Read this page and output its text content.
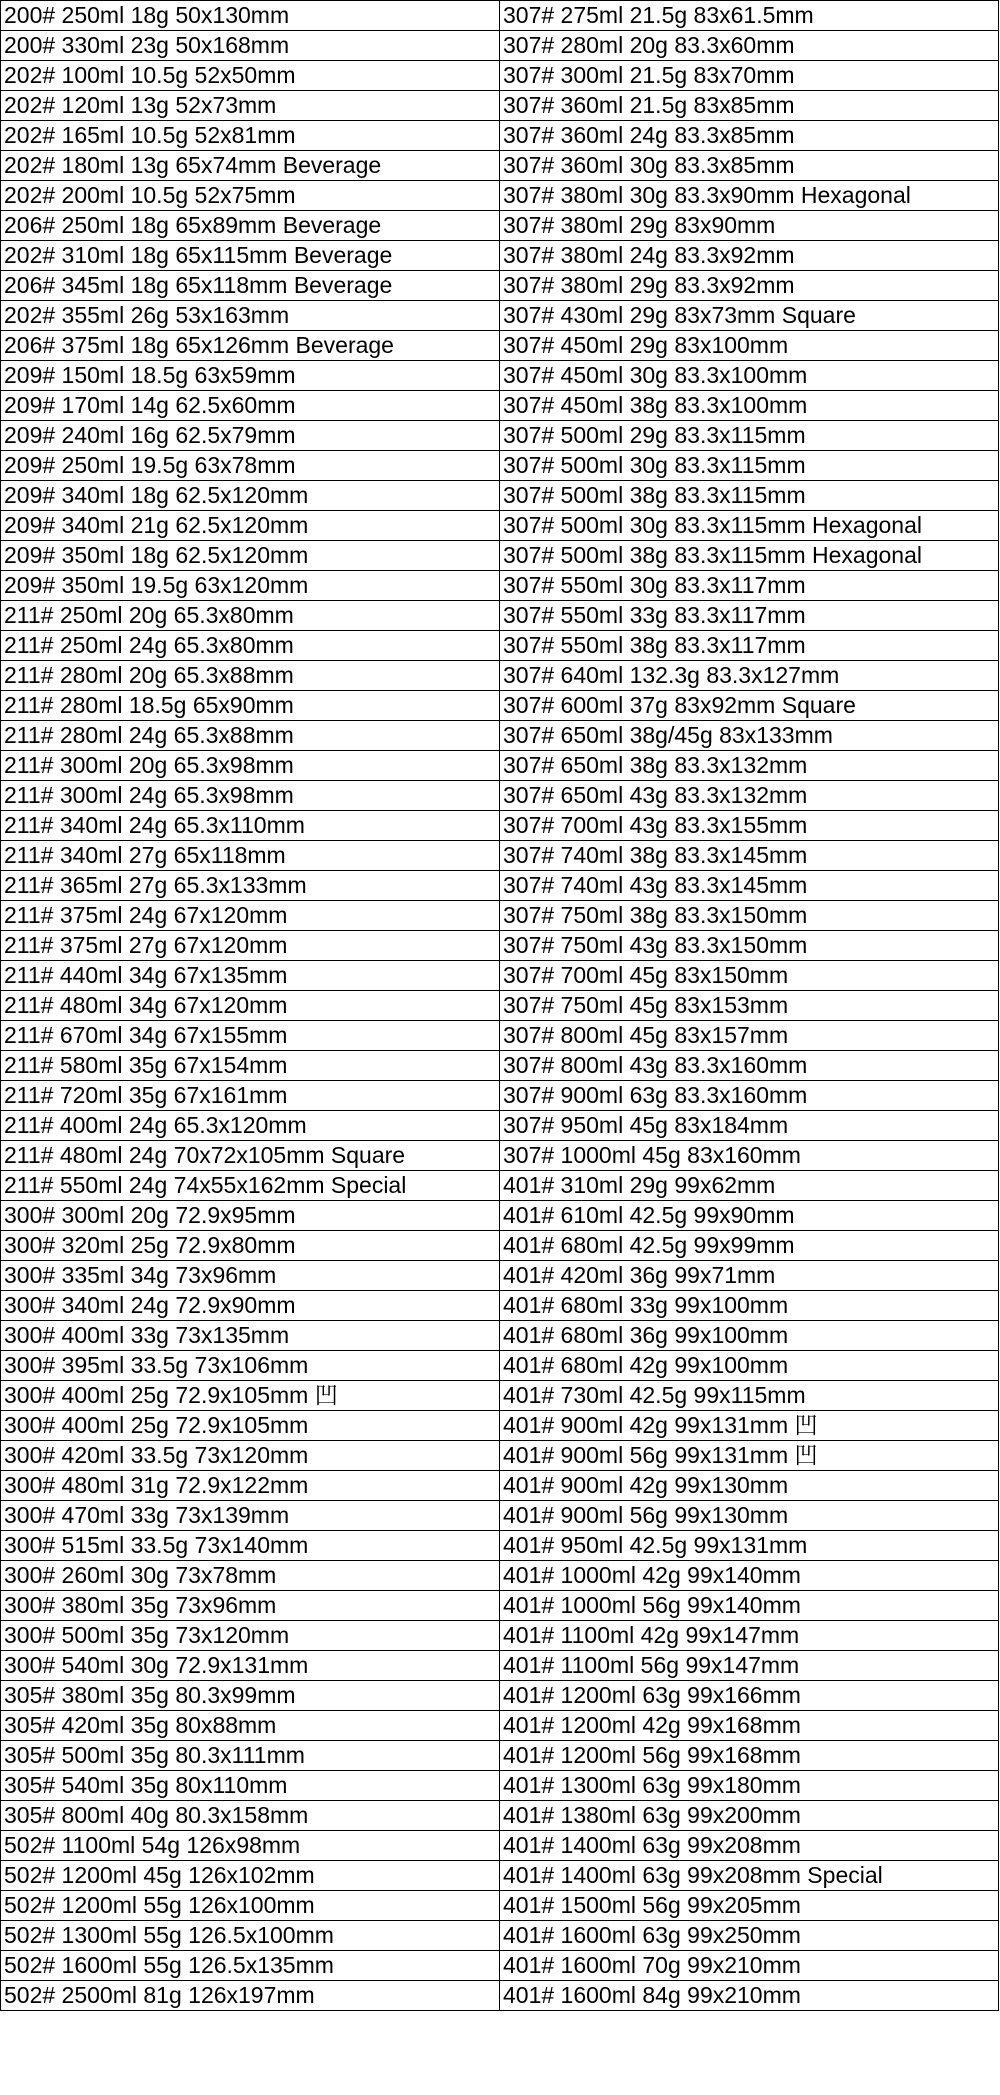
200# 250ml 18g 50x130mm	307# 275ml 21.5g 83x61.5mm
200# 330ml 23g 50x168mm	307# 280ml 20g 83.3x60mm
202# 100ml 10.5g 52x50mm	307# 300ml 21.5g 83x70mm
202# 120ml 13g 52x73mm	307# 360ml 21.5g 83x85mm
202# 165ml 10.5g 52x81mm	307# 360ml 24g 83.3x85mm
202# 180ml 13g 65x74mm Beverage	307# 360ml 30g 83.3x85mm
202# 200ml 10.5g 52x75mm	307# 380ml 30g 83.3x90mm Hexagonal
206# 250ml 18g 65x89mm Beverage	307# 380ml 29g 83x90mm
202# 310ml 18g 65x115mm Beverage	307# 380ml 24g 83.3x92mm
206# 345ml 18g 65x118mm Beverage	307# 380ml 29g 83.3x92mm
202# 355ml 26g 53x163mm	307# 430ml 29g 83x73mm Square
206# 375ml 18g 65x126mm Beverage	307# 450ml 29g 83x100mm
209# 150ml 18.5g 63x59mm	307# 450ml 30g 83.3x100mm
209# 170ml 14g 62.5x60mm	307# 450ml 38g 83.3x100mm
209# 240ml 16g 62.5x79mm	307# 500ml 29g 83.3x115mm
209# 250ml 19.5g 63x78mm	307# 500ml 30g 83.3x115mm
209# 340ml 18g 62.5x120mm	307# 500ml 38g 83.3x115mm
209# 340ml 21g 62.5x120mm	307# 500ml 30g 83.3x115mm Hexagonal
209# 350ml 18g 62.5x120mm	307# 500ml 38g 83.3x115mm Hexagonal
209# 350ml 19.5g 63x120mm	307# 550ml 30g 83.3x117mm
211# 250ml 20g 65.3x80mm	307# 550ml 33g 83.3x117mm
211# 250ml 24g 65.3x80mm	307# 550ml 38g 83.3x117mm
211# 280ml 20g 65.3x88mm	307# 640ml 132.3g 83.3x127mm
211# 280ml 18.5g 65x90mm	307# 600ml 37g 83x92mm Square
211# 280ml 24g 65.3x88mm	307# 650ml 38g/45g 83x133mm
211# 300ml 20g 65.3x98mm	307# 650ml 38g 83.3x132mm
211# 300ml 24g 65.3x98mm	307# 650ml 43g 83.3x132mm
211# 340ml 24g 65.3x110mm	307# 700ml 43g 83.3x155mm
211# 340ml 27g 65x118mm	307# 740ml 38g 83.3x145mm
211# 365ml 27g 65.3x133mm	307# 740ml 43g 83.3x145mm
211# 375ml 24g 67x120mm	307# 750ml 38g 83.3x150mm
211# 375ml 27g 67x120mm	307# 750ml 43g 83.3x150mm
211# 440ml 34g 67x135mm	307# 700ml 45g 83x150mm
211# 480ml 34g 67x120mm	307# 750ml 45g 83x153mm
211# 670ml 34g 67x155mm	307# 800ml 45g 83x157mm
211# 580ml 35g 67x154mm	307# 800ml 43g 83.3x160mm
211# 720ml 35g 67x161mm	307# 900ml 63g 83.3x160mm
211# 400ml 24g 65.3x120mm	307# 950ml 45g 83x184mm
211# 480ml 24g 70x72x105mm Square	307# 1000ml 45g 83x160mm
211# 550ml 24g 74x55x162mm Special	401# 310ml 29g 99x62mm
300# 300ml 20g 72.9x95mm	401# 610ml 42.5g 99x90mm
300# 320ml 25g 72.9x80mm	401# 680ml 42.5g 99x99mm
300# 335ml 34g 73x96mm	401# 420ml 36g 99x71mm
300# 340ml 24g 72.9x90mm	401# 680ml 33g 99x100mm
300# 400ml 33g 73x135mm	401# 680ml 36g 99x100mm
300# 395ml 33.5g 73x106mm	401# 680ml 42g 99x100mm
300# 400ml 25g 72.9x105mm 凹	401# 730ml 42.5g 99x115mm
300# 400ml 25g 72.9x105mm	401# 900ml 42g 99x131mm 凹
300# 420ml 33.5g 73x120mm	401# 900ml 56g 99x131mm 凹
300# 480ml 31g 72.9x122mm	401# 900ml 42g 99x130mm
300# 470ml 33g 73x139mm	401# 900ml 56g 99x130mm
300# 515ml 33.5g 73x140mm	401# 950ml 42.5g 99x131mm
300# 260ml 30g 73x78mm	401# 1000ml 42g 99x140mm
300# 380ml 35g 73x96mm	401# 1000ml 56g 99x140mm
300# 500ml 35g 73x120mm	401# 1100ml 42g 99x147mm
300# 540ml 30g 72.9x131mm	401# 1100ml 56g 99x147mm
305# 380ml 35g 80.3x99mm	401# 1200ml 63g 99x166mm
305# 420ml 35g 80x88mm	401# 1200ml 42g 99x168mm
305# 500ml 35g 80.3x111mm	401# 1200ml 56g 99x168mm
305# 540ml 35g 80x110mm	401# 1300ml 63g 99x180mm
305# 800ml 40g 80.3x158mm	401# 1380ml 63g 99x200mm
502# 1100ml 54g 126x98mm	401# 1400ml 63g 99x208mm
502# 1200ml 45g 126x102mm	401# 1400ml 63g 99x208mm Special
502# 1200ml 55g 126x100mm	401# 1500ml 56g 99x205mm
502# 1300ml 55g 126.5x100mm	401# 1600ml 63g 99x250mm
502# 1600ml 55g 126.5x135mm	401# 1600ml 70g 99x210mm
502# 2500ml 81g 126x197mm	401# 1600ml 84g 99x210mm
